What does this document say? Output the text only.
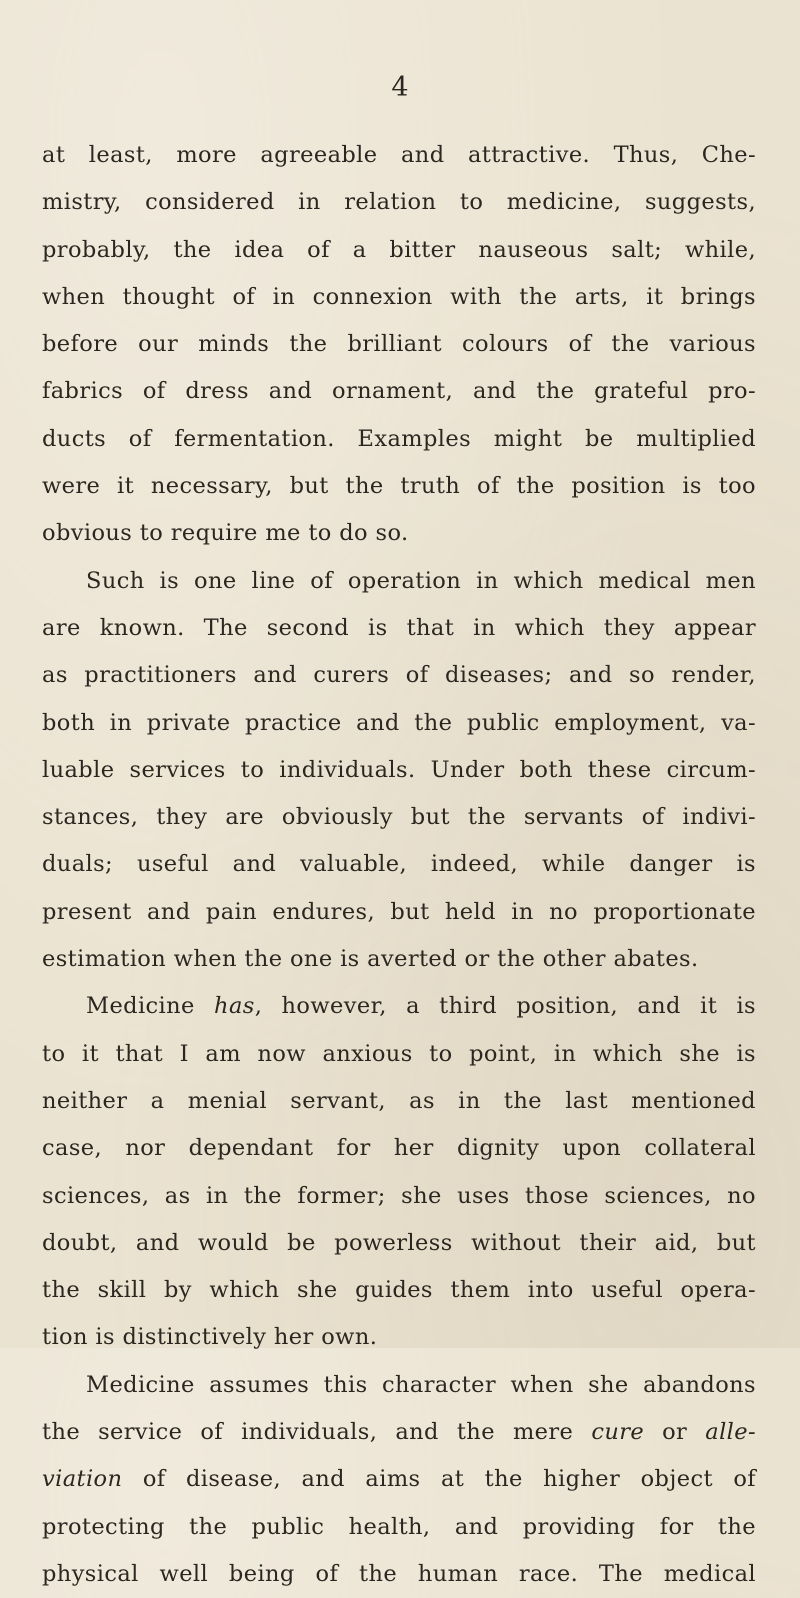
4
at least, more agreeable and attractive. Thus, Che-
mistry, considered in relation to medicine, suggests,
probably, the idea of a bitter nauseous salt; while,
when thought of in connexion with the arts, it brings
before our minds the brilliant colours of the various
fabrics of dress and ornament, and the grateful pro-
ducts of fermentation. Examples might be multiplied
were it necessary, but the truth of the position is too
obvious to require me to do so.
Such is one line of operation in which medical men
are known. The second is that in which they appear
as practitioners and curers of diseases; and so render,
both in private practice and the public employment, va-
luable services to individuals. Under both these circum-
stances, they are obviously but the servants of indivi-
duals; useful and valuable, indeed, while danger is
present and pain endures, but held in no proportionate
estimation when the one is averted or the other abates.
Medicine has, however, a third position, and it is
to it that I am now anxious to point, in which she is
neither a menial servant, as in the last mentioned
case, nor dependant for her dignity upon collateral
sciences, as in the former; she uses those sciences, no
doubt, and would be powerless without their aid, but
the skill by which she guides them into useful opera-
tion is distinctively her own.
Medicine assumes this character when she abandons
the service of individuals, and the mere cure or alle-
viation of disease, and aims at the higher object of
protecting the public health, and providing for the
physical well being of the human race. The medical
